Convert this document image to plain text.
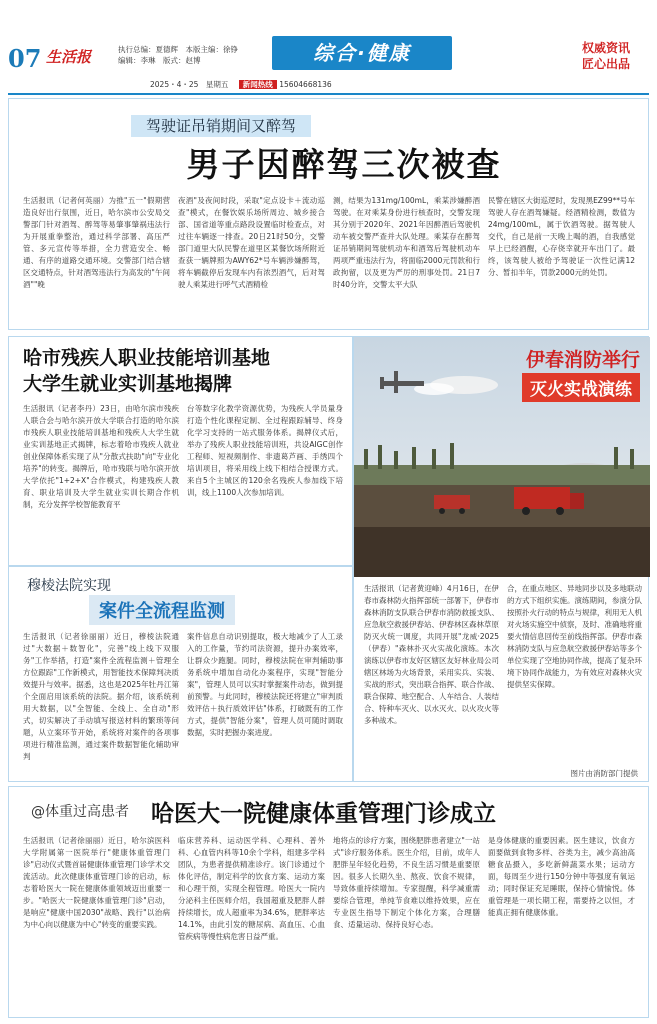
07 生活报	执行总编：夏德辉　本版主编：徐铮
编辑：李琳　版式：赵博	综合·健康	权威资讯
匠心出品
2025・4・25　星期五 新闻热线 15604668136
驾驶证吊销期间又醉驾
男子因醉驾三次被查

生活报讯（记者何英丽）为推"五一"假期营造良好出行氛围，近日，哈尔滨市公安局交警部门针对酒驾、醉驾等易肇事肇祸违法行为开展重拳整治，通过科学部署、高压严管、多元宣传等举措，全力营造安全、畅通、有序的道路交通环境。交警部门结合辖区交通特点，针对酒驾违法行为高发的"午间酒""晚

夜酒"及夜间时段，采取"定点设卡＋流动巡查"模式，在餐饮娱乐场所周边、城乡接合部、国省道等重点路段设置临时检查点，对过往车辆逐一排查。20日21时50分，交警部门道里大队民警在道里区某餐饮场所附近查获一辆牌照为AWY62*号车辆涉嫌醉驾，将车辆截停后发现车内有浓烈酒气，后对驾驶人乘某进行呼气式酒精检

测，结果为131mg/100mL，乘某涉嫌醉酒驾驶。在对乘某身份进行核查时，交警发现其分别于2020年、2021年因醉酒后驾驶机动车被交警严查并大队处理。乘某存在醉驾证吊销期间驾驶机动车和酒驾后驾驶机动车两项严重违法行为，将面临2000元罚款和行政拘留，以及更为严厉的刑事处罚。21日7时40分许，交警太平大队

民警在辖区大街巡逻时，发现黑EZ99**号车驾驶人存在酒驾嫌疑。经酒精检测，数值为24mg/100mL，属于饮酒驾驶。据驾驶人交代，自己是前一天晚上喝的酒，自我感觉早上已经酒醒，心存侥幸就开车出门了。最终，该驾驶人被给予驾驶证一次性记满12分、暂扣半年，罚款2000元的处罚。

哈市残疾人职业技能培训基地
大学生就业实训基地揭牌

生活报讯（记者李丹）23日，由哈尔滨市残疾人联合会与哈尔滨开放大学联合打造的哈尔滨市残疾人职业技能培训基地和残疾人大学生就业实训基地正式揭牌，标志着哈市残疾人就业创业保障体系实现了从"分散式扶助"向"专业化培养"的转变。揭牌后，哈市残联与哈尔滨开放大学依托"1+2+X"合作模式，构建残疾人教育、职业培训及大学生就业实训长期合作机制，充分发挥学校智能教育平

台等数字化教学资源优势，为残疾人学员量身打造个性化课程定制、全过程跟踪辅导、终身化学习支持的一站式服务体系。揭牌仪式后，举办了残疾人职业技能培训班，共设AIGC创作工程师、短视频制作、非遗葛芦画、手绣四个培训项目，将采用线上线下相结合授课方式。来自5个主城区的120余名残疾人参加线下培训，线上1100人次参加培训。

伊春消防举行
灭火实战演练

生活报讯（记者黄迎峰）4月16日，在伊春市森林防火指挥部统一部署下，伊春市森林消防支队联合伊春市消防救援支队、应急航空救援伊春站、伊春林区森林草原防灭火统一调度，共同开展"龙威·2025（伊春）"森林扑灭火实战化演练。本次演练以伊春市友好区辖区友好林业局公司辖区林场为火场背景，采用实兵、实装、实战的形式，突出联合指挥、联合作战、联合保障、地空配合、人车结合、人装结合、特种车灭火、以水灭火、以火攻火等多种战术。

合，在重点地区、异地同步以及多地联动的方式下组织实施。演练期间，参演分队按照扑火行动的特点与规律，利用无人机对火场实施空中侦察，及时、准确地将重要火情信息回传至前线指挥部。伊春市森林消防支队与应急航空救援伊春站等多个单位实现了空地协同作战，提高了复杂环境下协同作战能力，为有效应对森林火灾提供坚实保障。

图片由消防部门提供
穆棱法院实现
案件全流程监测

生活报讯（记者徐丽丽）近日，穆棱法院通过"大数据＋数智化"，完善"线上线下双服务"工作举措，打造"案件全流程监测＋管理全方位跟踪"工作新模式，用智能技术保障判决质效提升与效率。据悉，这也是2025年牡丹江第个全面启用该系统的法院。据介绍，该系统利用大数据，以"全智能、全线上、全自动"形式，切实解决了手动填写报送材料的繁琐等问题，从立案环节开始，系统将对案件的各项事项进行精准监测，通过案件数据智能化辅助审判

案件信息自动识别提取，极大地减少了人工录入的工作量，节约司法资源，提升办案效率，让群众少跑腿。同时，穆棱法院在审判辅助事务系统中增加自动化办案程序，实现"智能分案"，管理人员可以实时掌握案件动态，做到提前预警。与此同时，穆棱法院还将建立"审判质效评估＋执行质效评估"体系，打破既有的工作方式，提供"智能分案"，管理人员可随时调取数据，实时把握办案进度。

@体重过高患者 哈医大一院健康体重管理门诊成立

生活报讯（记者徐丽丽）近日，哈尔滨医科大学附属第一医院举行"健康体重管理门诊"启动仪式暨首届健康体重管理门诊学术交流活动。此次健康体重管理门诊的启动，标志着哈医大一院在健康体重领域迈出重要一步。"哈医大一院健康体重管理门诊"启动，是响应"健康中国2030"战略、践行"以治病为中心向以健康为中心"转变的重要实践。

临床营养科、运动医学科、心理科、普外科、心血管内科等10余个学科，组建多学科团队，为患者提供精准诊疗。该门诊通过个体化评估，制定科学的饮食方案、运动方案和心理干预，实现全程管理。哈医大一院内分泌科主任医师介绍，我国超重及肥胖人群持续增长，成人超重率为34.6%，肥胖率达14.1%，由此引发的糖尿病、高血压、心血管疾病等慢性病危害日益严重。

地将点的诊疗方案，围绕肥胖患者建立"一站式"诊疗服务体系。医生介绍，目前，成年人肥胖呈年轻化趋势，不良生活习惯是重要原因。很多人长期久坐、熬夜、饮食不规律，导致体重持续增加。专家提醒，科学减重需要综合管理，单纯节食难以维持效果，应在专业医生指导下制定个体化方案，合理膳食、适量运动、保持良好心态。

是身体健康的重要因素。医生建议，饮食方面要做到食物多样、谷类为主，减少高油高糖食品摄入，多吃新鲜蔬菜水果；运动方面，每周至少进行150分钟中等强度有氧运动；同时保证充足睡眠，保持心情愉悦。体重管理是一项长期工程，需要持之以恒，才能真正拥有健康体重。
